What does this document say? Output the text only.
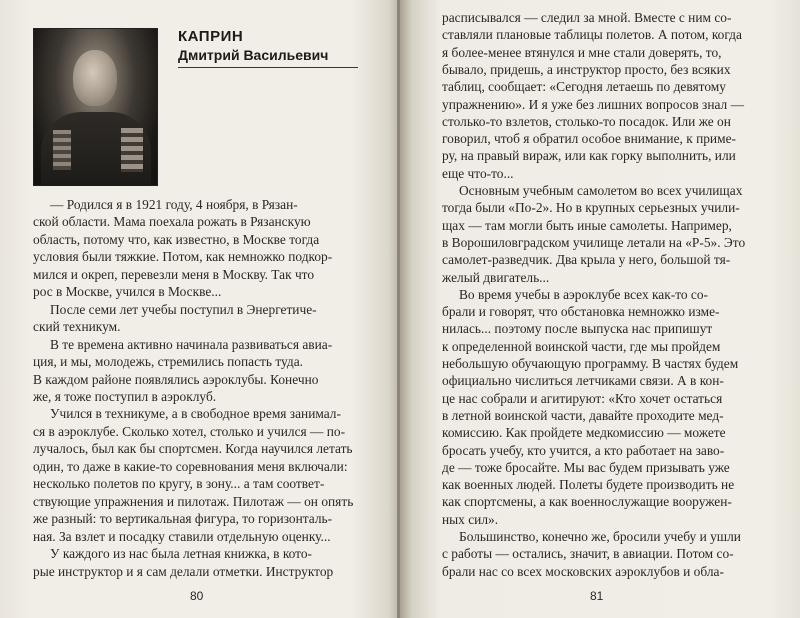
КАПРИН
Дмитрий Васильевич
— Родился я в 1921 году, 4 ноября, в Рязан-
ской области. Мама поехала рожать в Рязанскую
область, потому что, как известно, в Москве тогда
условия были тяжкие. Потом, как немножко подкор-
мился и окреп, перевезли меня в Москву. Так что
рос в Москве, учился в Москве...
После семи лет учебы поступил в Энергетиче-
ский техникум.
В те времена активно начинала развиваться авиа-
ция, и мы, молодежь, стремились попасть туда.
В каждом районе появлялись аэроклубы. Конечно
же, я тоже поступил в аэроклуб.
Учился в техникуме, а в свободное время занимал-
ся в аэроклубе. Сколько хотел, столько и учился — по-
лучалось, был как бы спортсмен. Когда научился летать
один, то даже в какие-то соревнования меня включали:
несколько полетов по кругу, в зону... а там соответ-
ствующие упражнения и пилотаж. Пилотаж — он опять
же разный: то вертикальная фигура, то горизонталь-
ная. За взлет и посадку ставили отдельную оценку...
У каждого из нас была летная книжка, в кото-
рые инструктор и я сам делали отметки. Инструктор
80
расписывался — следил за мной. Вместе с ним со-
ставляли плановые таблицы полетов. А потом, когда
я более-менее втянулся и мне стали доверять, то,
бывало, придешь, а инструктор просто, без всяких
таблиц, сообщает: «Сегодня летаешь по девятому
упражнению». И я уже без лишних вопросов знал —
столько-то взлетов, столько-то посадок. Или же он
говорил, чтоб я обратил особое внимание, к приме-
ру, на правый вираж, или как горку выполнить, или
еще что-то...
Основным учебным самолетом во всех училищах
тогда были «По-2». Но в крупных серьезных учили-
щах — там могли быть иные самолеты. Например,
в Ворошиловградском училище летали на «Р-5». Это
самолет-разведчик. Два крыла у него, большой тя-
желый двигатель...
Во время учебы в аэроклубе всех как-то со-
брали и говорят, что обстановка немножко изме-
нилась... поэтому после выпуска нас припишут
к определенной воинской части, где мы пройдем
небольшую обучающую программу. В частях будем
официально числиться летчиками связи. А в кон-
це нас собрали и агитируют: «Кто хочет остаться
в летной воинской части, давайте проходите мед-
комиссию. Как пройдете медкомиссию — можете
бросать учебу, кто учится, а кто работает на заво-
де — тоже бросайте. Мы вас будем призывать уже
как военных людей. Полеты будете производить не
как спортсмены, а как военнослужащие вооружен-
ных сил».
Большинство, конечно же, бросили учебу и ушли
с работы — остались, значит, в авиации. Потом со-
брали нас со всех московских аэроклубов и обла-
81
